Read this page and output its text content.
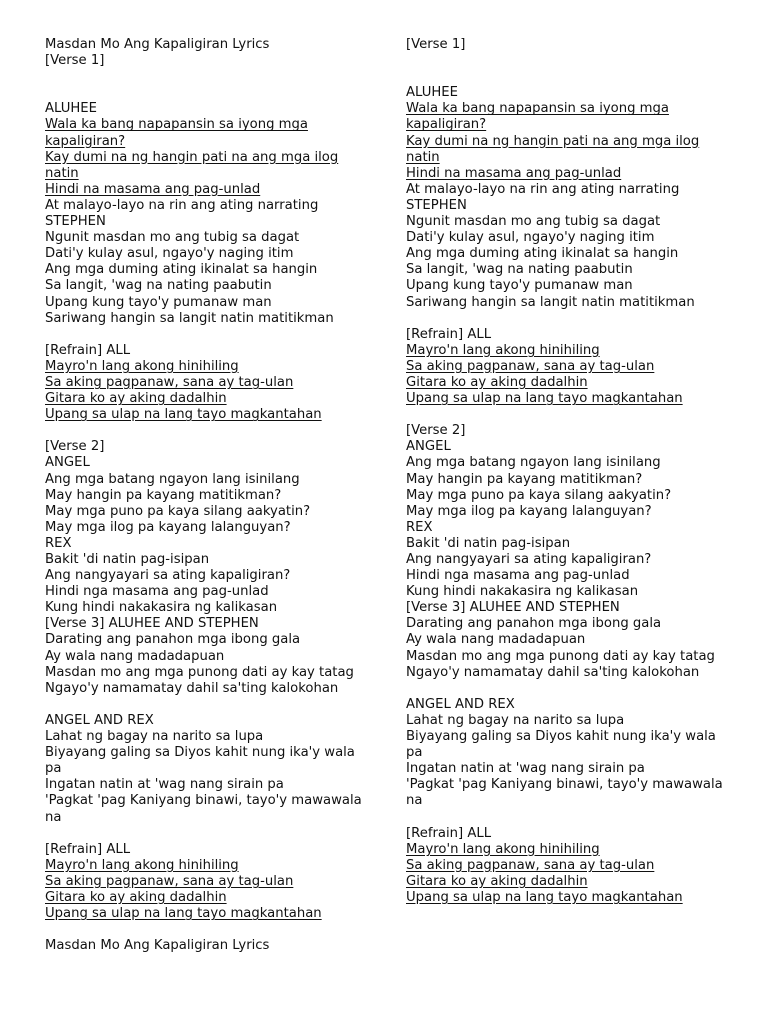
Masdan Mo Ang Kapaligiran Lyrics

[Verse 1]

ALUHEE

Wala ka bang napapansin sa iyong mga kapaligiran?

Kay dumi na ng hangin pati na ang mga ilog natin

Hindi na masama ang pag-unlad

At malayo-layo na rin ang ating narrating

STEPHEN

Ngunit masdan mo ang tubig sa dagat

Dati'y kulay asul, ngayo'y naging itim

Ang mga duming ating ikinalat sa hangin

Sa langit, 'wag na nating paabutin

Upang kung tayo'y pumanaw man

Sariwang hangin sa langit natin matitikman

[Refrain] ALL

Mayro'n lang akong hinihiling

Sa aking pagpanaw, sana ay tag-ulan

Gitara ko ay aking dadalhin

Upang sa ulap na lang tayo magkantahan

[Verse 2]

ANGEL

Ang mga batang ngayon lang isinilang

May hangin pa kayang matitikman?

May mga puno pa kaya silang aakyatin?

May mga ilog pa kayang lalanguyan?

REX

Bakit 'di natin pag-isipan

Ang nangyayari sa ating kapaligiran?

Hindi nga masama ang pag-unlad

Kung hindi nakakasira ng kalikasan

[Verse 3] ALUHEE AND STEPHEN

Darating ang panahon mga ibong gala

Ay wala nang madadapuan

Masdan mo ang mga punong dati ay kay tatag

Ngayo'y namamatay dahil sa'ting kalokohan

ANGEL AND REX

Lahat ng bagay na narito sa lupa

Biyayang galing sa Diyos kahit nung ika'y wala pa

Ingatan natin at 'wag nang sirain pa

'Pagkat 'pag Kaniyang binawi, tayo'y mawawala na

[Refrain] ALL

Mayro'n lang akong hinihiling

Sa aking pagpanaw, sana ay tag-ulan

Gitara ko ay aking dadalhin

Upang sa ulap na lang tayo magkantahan

Masdan Mo Ang Kapaligiran Lyrics

[Verse 1]

ALUHEE

Wala ka bang napapansin sa iyong mga kapaligiran?

Kay dumi na ng hangin pati na ang mga ilog natin

Hindi na masama ang pag-unlad

At malayo-layo na rin ang ating narrating

STEPHEN

Ngunit masdan mo ang tubig sa dagat

Dati'y kulay asul, ngayo'y naging itim

Ang mga duming ating ikinalat sa hangin

Sa langit, 'wag na nating paabutin

Upang kung tayo'y pumanaw man

Sariwang hangin sa langit natin matitikman

[Refrain] ALL

Mayro'n lang akong hinihiling

Sa aking pagpanaw, sana ay tag-ulan

Gitara ko ay aking dadalhin

Upang sa ulap na lang tayo magkantahan

[Verse 2]

ANGEL

Ang mga batang ngayon lang isinilang

May hangin pa kayang matitikman?

May mga puno pa kaya silang aakyatin?

May mga ilog pa kayang lalanguyan?

REX

Bakit 'di natin pag-isipan

Ang nangyayari sa ating kapaligiran?

Hindi nga masama ang pag-unlad

Kung hindi nakakasira ng kalikasan

[Verse 3] ALUHEE AND STEPHEN

Darating ang panahon mga ibong gala

Ay wala nang madadapuan

Masdan mo ang mga punong dati ay kay tatag

Ngayo'y namamatay dahil sa'ting kalokohan

ANGEL AND REX

Lahat ng bagay na narito sa lupa

Biyayang galing sa Diyos kahit nung ika'y wala pa

Ingatan natin at 'wag nang sirain pa

'Pagkat 'pag Kaniyang binawi, tayo'y mawawala na

[Refrain] ALL

Mayro'n lang akong hinihiling

Sa aking pagpanaw, sana ay tag-ulan

Gitara ko ay aking dadalhin

Upang sa ulap na lang tayo magkantahan
